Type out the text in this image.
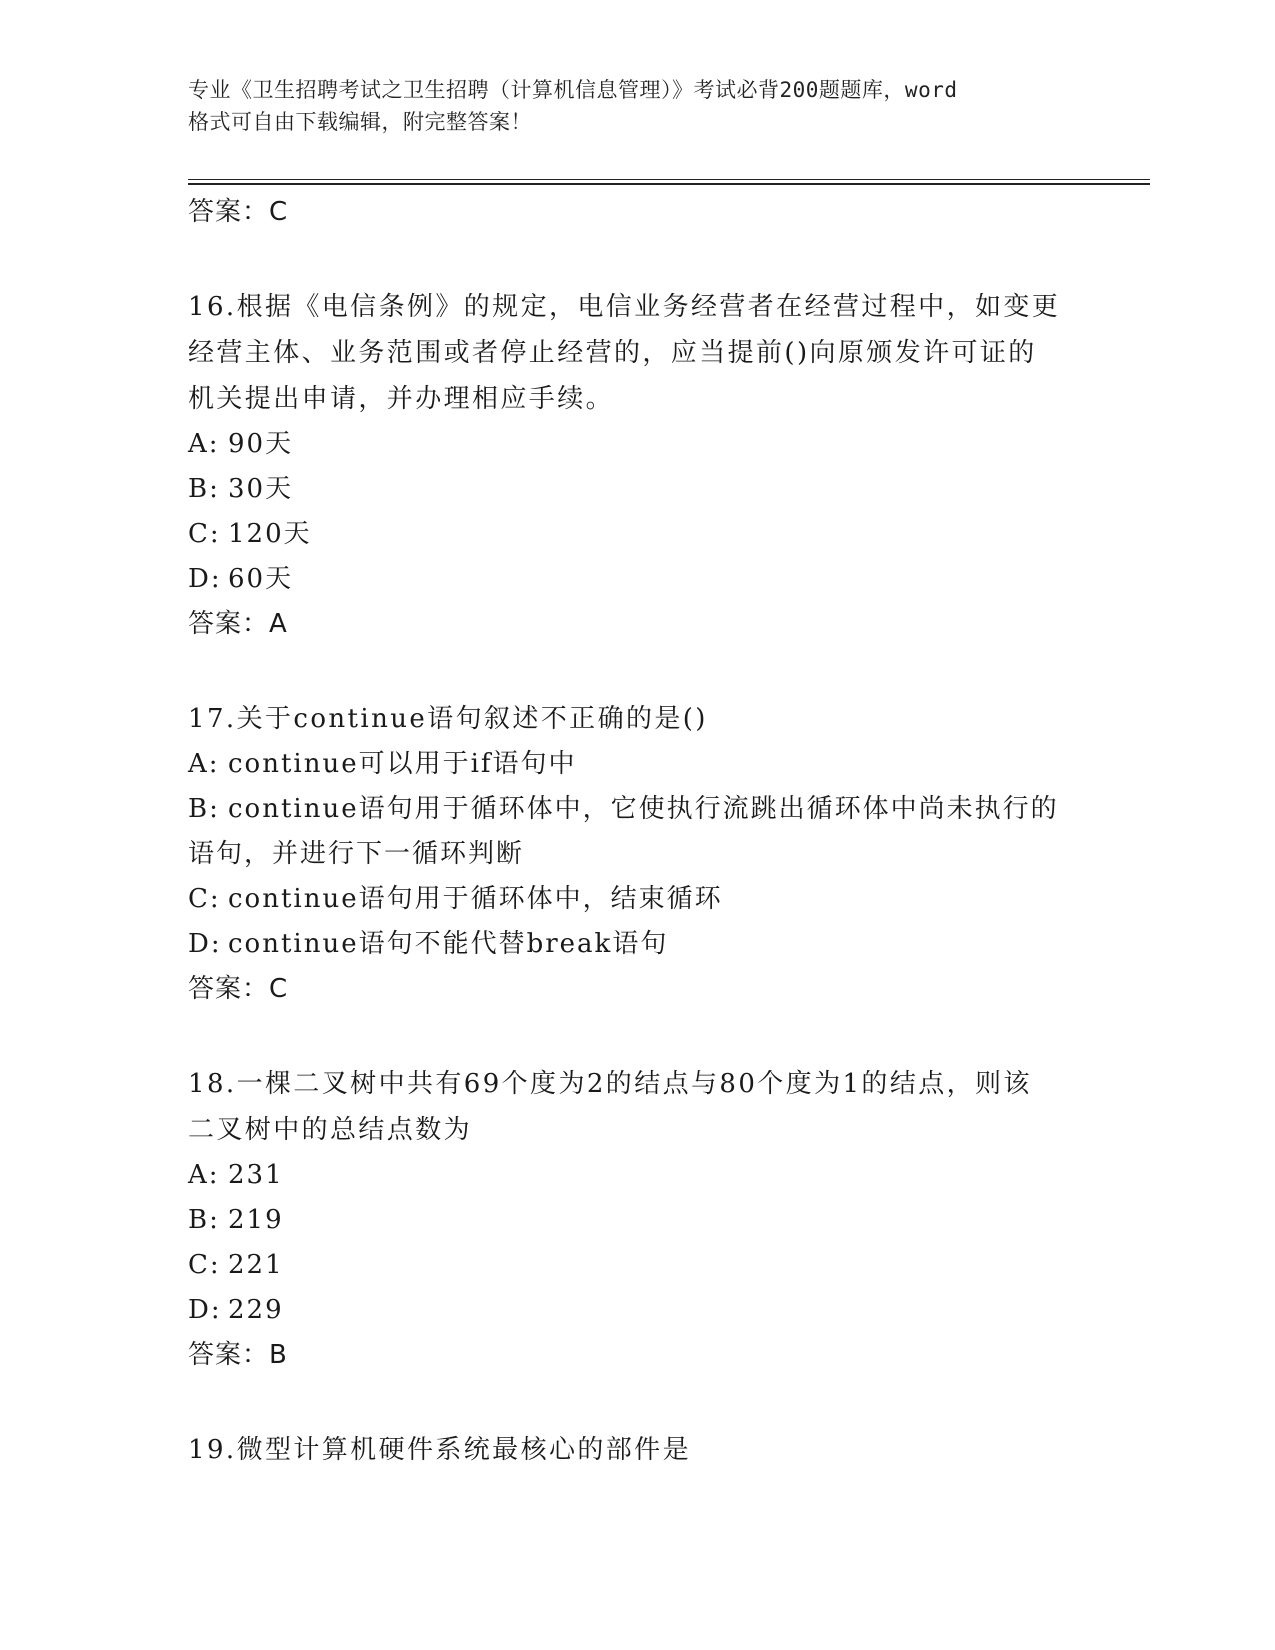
专业《卫生招聘考试之卫生招聘（计算机信息管理）》考试必背200题题库，word
格式可自由下载编辑，附完整答案！

答案：C

16.根据《电信条例》的规定，电信业务经营者在经营过程中，如变更

经营主体、业务范围或者停止经营的，应当提前()向原颁发许可证的

机关提出申请，并办理相应手续。

A: 90天

B: 30天

C: 120天

D: 60天

答案：A

17.关于continue语句叙述不正确的是()

A: continue可以用于if语句中

B: continue语句用于循环体中，它使执行流跳出循环体中尚未执行的

语句，并进行下一循环判断

C: continue语句用于循环体中，结束循环

D: continue语句不能代替break语句

答案：C

18.一棵二叉树中共有69个度为2的结点与80个度为1的结点，则该

二叉树中的总结点数为

A: 231

B: 219

C: 221

D: 229

答案：B

19.微型计算机硬件系统最核心的部件是
